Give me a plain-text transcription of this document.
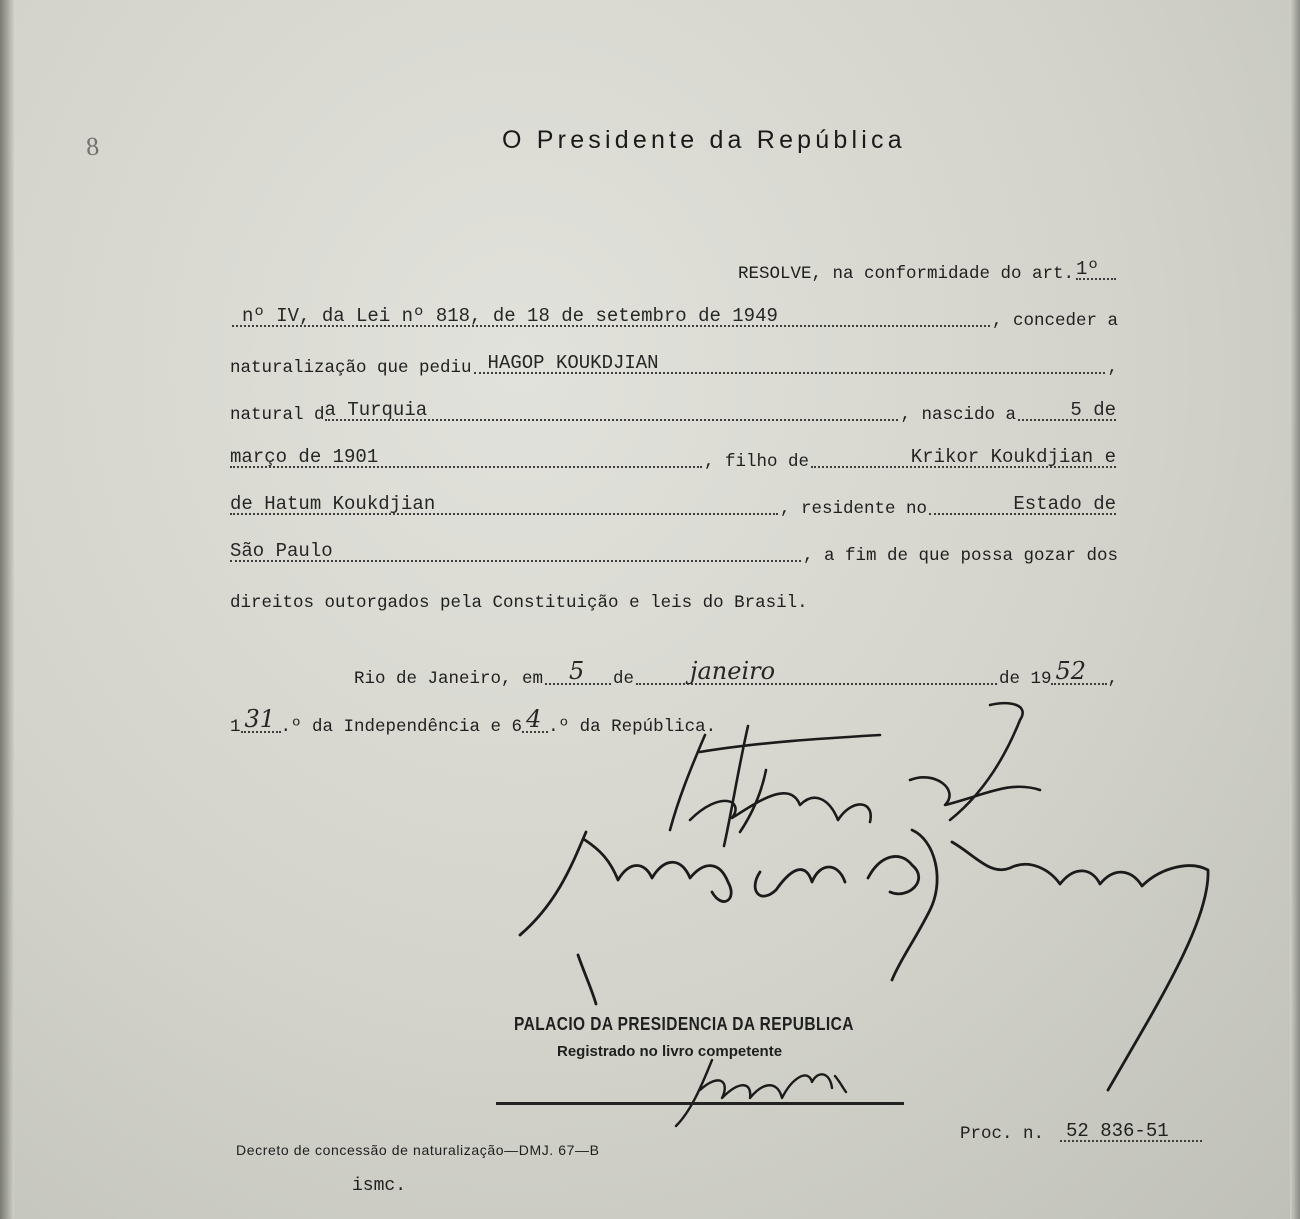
8	O Presidente da República
RESOLVE, na conformidade do art. 1º
nº IV, da Lei nº 818, de 18 de setembro de 1949	, conceder a
naturalização que pediu HAGOP KOUKDJIAN	,
natural d a Turquia	, nascido a	5 de
março de 1901	, filho de	Krikor Koukdjian e
de Hatum Koukdjian	, residente no	Estado de
São Paulo	, a fim de que possa gozar dos
direitos outorgados pela Constituição e leis do Brasil.
Rio de Janeiro, em 5 de janeiro	de 19 52 ,
1 31 .º da Independência e 6 4 .º da República.
PALACIO DA PRESIDENCIA DA REPUBLICA
Registrado no livro competente
Proc. n. 52 836-51
Decreto de concessão de naturalização—DMJ. 67—B
ismc.
